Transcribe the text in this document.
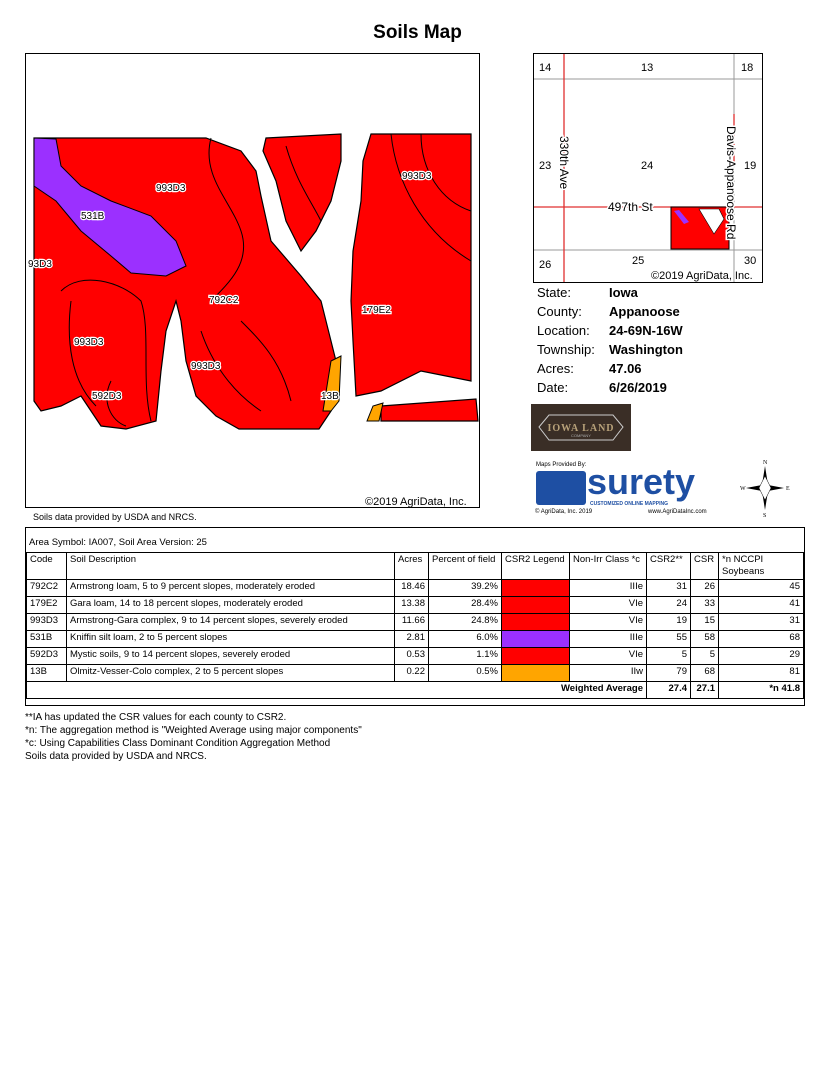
Soils Map
993D3
531B
93D3
792C2
179E2
993D3
993D3
993D3
592D3	13B
©2019 AgriData, Inc.
Soils data provided by USDA and NRCS.
14	13	18
23	24	19
26	25	30
330th Ave
497th St	Davis-Appanoose Rd
©2019 AgriData, Inc.
State:	Iowa
County: Appanoose
Location: 24-69N-16W
Township: Washington
Acres:	47.06
Date:	6/26/2019
IOWA LAND
COMPANY
Maps Provided By: surety
CUSTOMIZED ONLINE MAPPING
© AgriData, Inc. 2019	www.AgriDataInc.com
N
S
E
W
Area Symbol: IA007, Soil Area Version: 25
Code	Soil Description	Acres	Percent of field	CSR2 Legend	Non-Irr Class *c	CSR2**	CSR	*n NCCPI Soybeans
792C2	Armstrong loam, 5 to 9 percent slopes, moderately eroded	18.46	39.2%		IIIe	31	26	45
179E2	Gara loam, 14 to 18 percent slopes, moderately eroded	13.38	28.4%		VIe	24	33	41
993D3	Armstrong-Gara complex, 9 to 14 percent slopes, severely eroded	11.66	24.8%		VIe	19	15	31
531B	Kniffin silt loam, 2 to 5 percent slopes	2.81	6.0%		IIIe	55	58	68
592D3	Mystic soils, 9 to 14 percent slopes, severely eroded	0.53	1.1%		VIe	5	5	29
13B	Olmitz-Vesser-Colo complex, 2 to 5 percent slopes	0.22	0.5%		IIw	79	68	81
Weighted Average						27.4	27.1	*n 41.8
**IA has updated the CSR values for each county to CSR2.
*n: The aggregation method is "Weighted Average using major components"
*c: Using Capabilities Class Dominant Condition Aggregation Method
Soils data provided by USDA and NRCS.
